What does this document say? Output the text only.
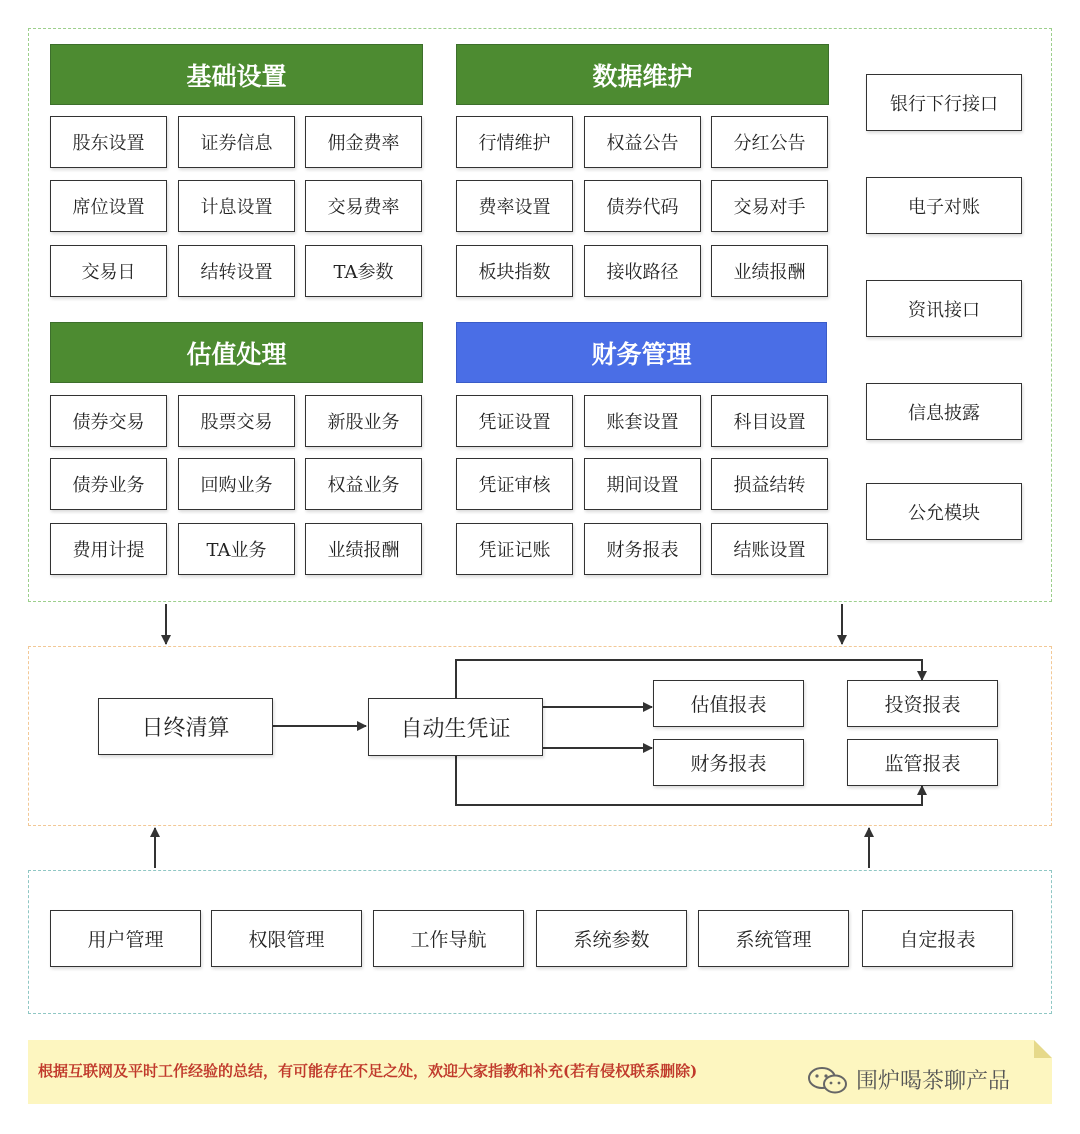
基础设置
股东设置	证券信息	佣金费率
席位设置	计息设置	交易费率
交易日	结转设置	TA参数
数据维护
行情维护	权益公告	分红公告
费率设置	债券代码	交易对手
板块指数	接收路径	业绩报酬
估值处理
债券交易	股票交易	新股业务
债券业务	回购业务	权益业务
费用计提	TA业务	业绩报酬
财务管理
凭证设置	账套设置	科目设置
凭证审核	期间设置	损益结转
凭证记账	财务报表	结账设置
银行下行接口
电子对账
资讯接口
信息披露
公允模块
日终清算	自动生凭证
估值报表
财务报表
投资报表
监管报表
用户管理	权限管理	工作导航	系统参数	系统管理	自定报表
根据互联网及平时工作经验的总结，有可能存在不足之处，欢迎大家指教和补充(若有侵权联系删除)	围炉喝茶聊产品
